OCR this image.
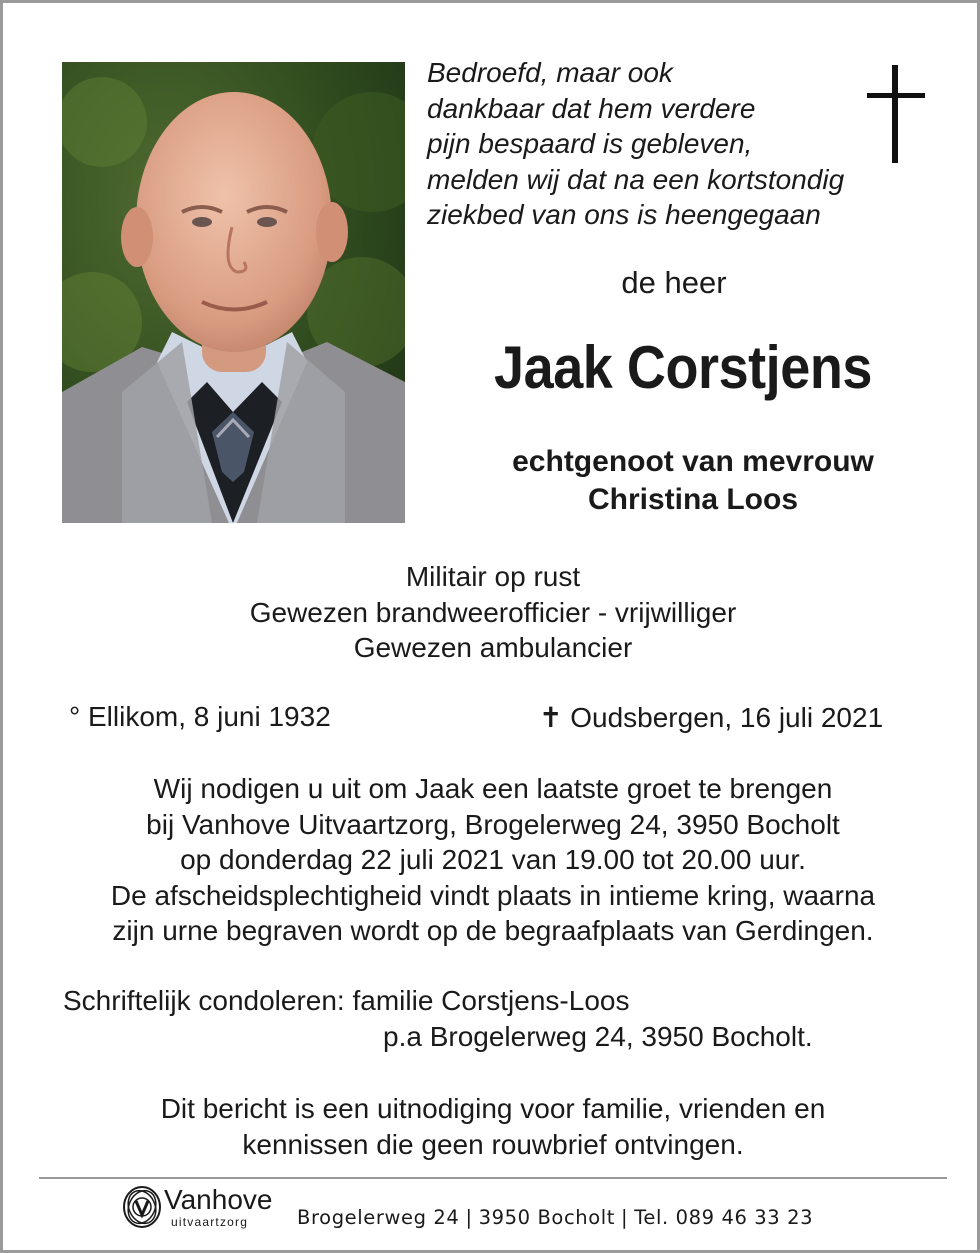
Bedroefd, maar ook
dankbaar dat hem verdere
pijn bespaard is gebleven,
melden wij dat na een kortstondig
ziekbed van ons is heengegaan

de heer

Jaak Corstjens

echtgenoot van mevrouw
Christina Loos

Militair op rust
Gewezen brandweerofficier - vrijwilliger
Gewezen ambulancier

° Ellikom, 8 juni 1932	✝ Oudsbergen, 16 juli 2021

Wij nodigen u uit om Jaak een laatste groet te brengen
bij Vanhove Uitvaartzorg, Brogelerweg 24, 3950 Bocholt
op donderdag 22 juli 2021 van 19.00 tot 20.00 uur.
De afscheidsplechtigheid vindt plaats in intieme kring, waarna
zijn urne begraven wordt op de begraafplaats van Gerdingen.

Schriftelijk condoleren: familie Corstjens-Loos

p.a Brogelerweg 24, 3950 Bocholt.

Dit bericht is een uitnodiging voor familie, vrienden en
kennissen die geen rouwbrief ontvingen.

Vanhove
uitvaartzorg	Brogelerweg 24 | 3950 Bocholt | Tel. 089 46 33 23
